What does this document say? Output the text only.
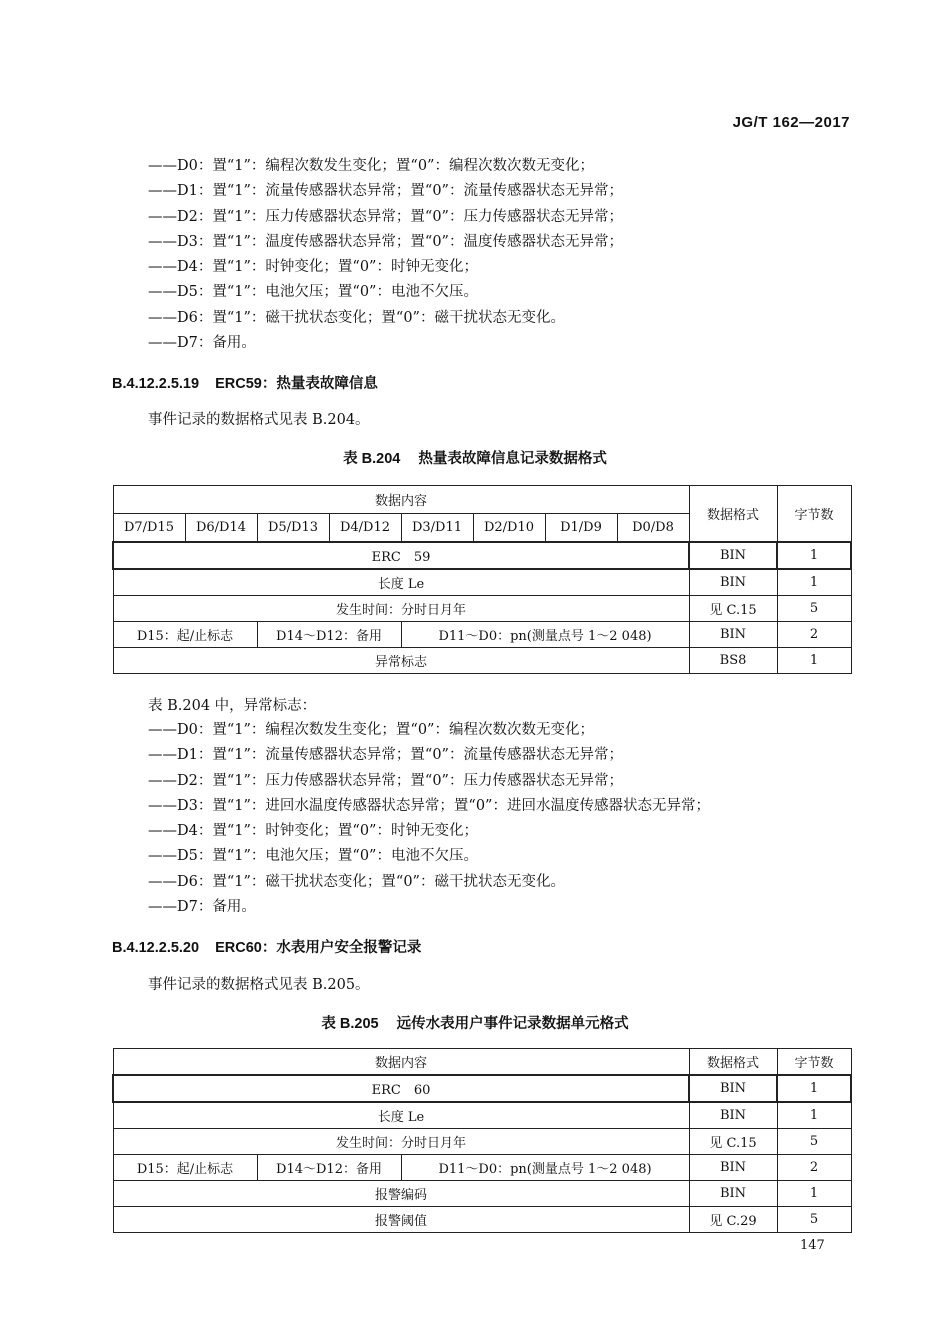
JG/T 162—2017
——D0：置“1”：编程次数发生变化；置“0”：编程次数次数无变化；
——D1：置“1”：流量传感器状态异常；置“0”：流量传感器状态无异常；
——D2：置“1”：压力传感器状态异常；置“0”：压力传感器状态无异常；
——D3：置“1”：温度传感器状态异常；置“0”：温度传感器状态无异常；
——D4：置“1”：时钟变化；置“0”：时钟无变化；
——D5：置“1”：电池欠压；置“0”：电池不欠压。
——D6：置“1”：磁干扰状态变化；置“0”：磁干扰状态无变化。
——D7：备用。
B.4.12.2.5.19 ERC59：热量表故障信息
事件记录的数据格式见表 B.204。
表 B.204 热量表故障信息记录数据格式
数据内容								数据格式	字节数
D7/D15	D6/D14	D5/D13	D4/D12	D3/D11	D2/D10	D1/D9	D0/D8		
ERC　59								BIN	1
长度 Le								BIN	1
发生时间：分时日月年								见 C.15	5
D15：起/止标志		D14～D12：备用		D11～D0：pn(测量点号 1～2 048)				BIN	2
异常标志								BS8	1
表 B.204 中，异常标志：
——D0：置“1”：编程次数发生变化；置“0”：编程次数次数无变化；
——D1：置“1”：流量传感器状态异常；置“0”：流量传感器状态无异常；
——D2：置“1”：压力传感器状态异常；置“0”：压力传感器状态无异常；
——D3：置“1”：进回水温度传感器状态异常；置“0”：进回水温度传感器状态无异常；
——D4：置“1”：时钟变化；置“0”：时钟无变化；
——D5：置“1”：电池欠压；置“0”：电池不欠压。
——D6：置“1”：磁干扰状态变化；置“0”：磁干扰状态无变化。
——D7：备用。
B.4.12.2.5.20 ERC60：水表用户安全报警记录
事件记录的数据格式见表 B.205。
表 B.205 远传水表用户事件记录数据单元格式
数据内容			数据格式	字节数
ERC　60			BIN	1
长度 Le			BIN	1
发生时间：分时日月年			见 C.15	5
D15：起/止标志	D14～D12：备用	D11～D0：pn(测量点号 1～2 048)	BIN	2
报警编码			BIN	1
报警阈值			见 C.29	5
147
